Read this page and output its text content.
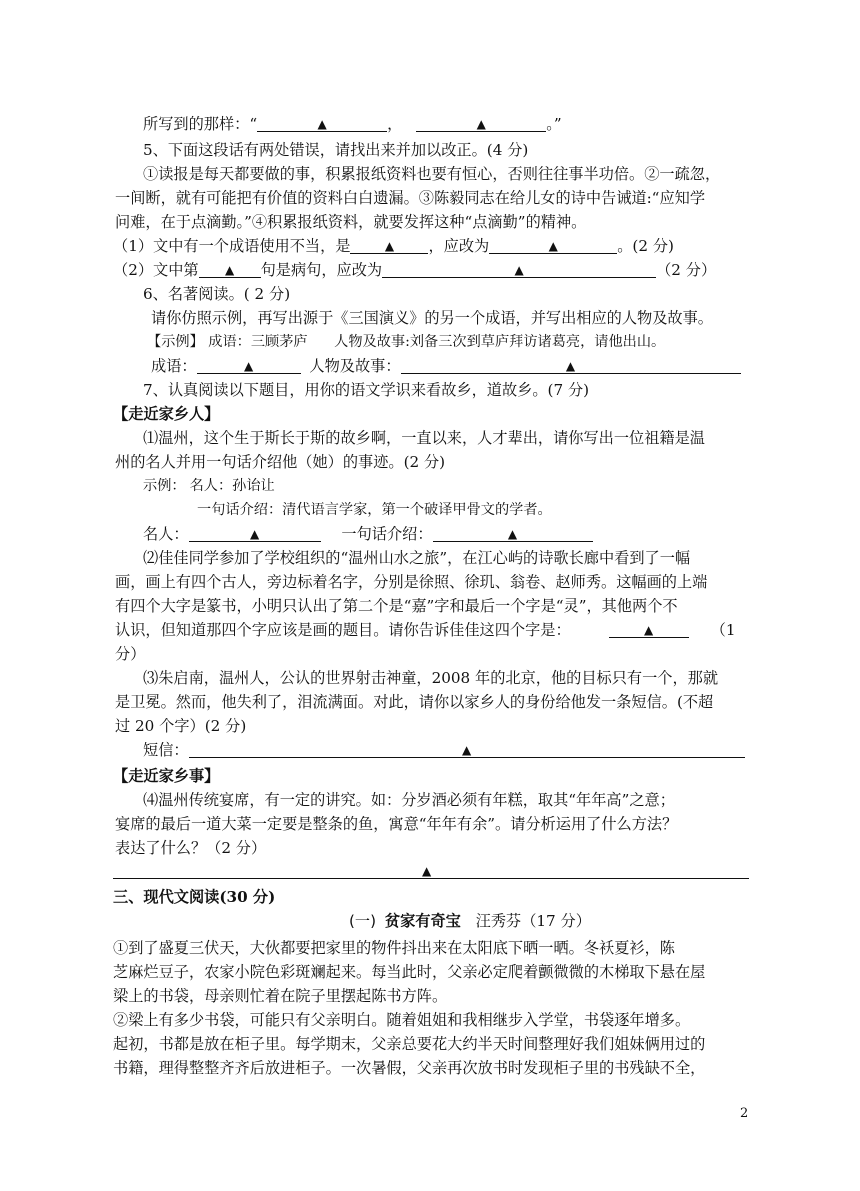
所写到的那样：“	▲	，	▲	。”
5、下面这段话有两处错误，请找出来并加以改正。(4 分)
①读报是每天都要做的事，积累报纸资料也要有恒心，否则往往事半功倍。②一疏忽，
一间断，就有可能把有价值的资料白白遗漏。③陈毅同志在给儿女的诗中告诫道:“应知学
问难，在于点滴勤。”④积累报纸资料，就要发挥这种“点滴勤”的精神。
（1）文中有一个成语使用不当，是	▲ ，应改为	▲	。(2 分)
（2）文中第 ▲ 句是病句，应改为	▲	（2 分）
6、名著阅读。( 2 分)
请你仿照示例，再写出源于《三国演义》的另一个成语，并写出相应的人物及故事。
【示例】 成语：三顾茅庐 人物及故事:刘备三次到草庐拜访诸葛亮，请他出山。
成语：	▲	人物及故事：	▲
7、认真阅读以下题目，用你的语文学识来看故乡，道故乡。(7 分)
【走近家乡人】
⑴温州，这个生于斯长于斯的故乡啊，一直以来，人才辈出，请你写出一位祖籍是温
州的名人并用一句话介绍他（她）的事迹。(2 分)
示例： 名人：孙诒让
一句话介绍：清代语言学家，第一个破译甲骨文的学者。
名人：	▲	一句话介绍：	▲
⑵佳佳同学参加了学校组织的“温州山水之旅”，在江心屿的诗歌长廊中看到了一幅
画，画上有四个古人，旁边标着名字，分别是徐照、徐玑、翁卷、赵师秀。这幅画的上端
有四个大字是篆书，小明只认出了第二个是“嘉”字和最后一个字是“灵”，其他两个不
认识，但知道那四个字应该是画的题目。请你告诉佳佳这四个字是：	▲	（1
分）
⑶朱启南，温州人，公认的世界射击神童，2008 年的北京，他的目标只有一个，那就
是卫冕。然而，他失利了，泪流满面。对此，请你以家乡人的身份给他发一条短信。(不超
过 20 个字）(2 分)
短信：	▲
【走近家乡事】
⑷温州传统宴席，有一定的讲究。如：分岁酒必须有年糕，取其“年年高”之意；
宴席的最后一道大菜一定要是整条的鱼，寓意“年年有余”。请分析运用了什么方法？
表达了什么？（2 分）
▲
三、现代文阅读(30 分)
(一) 贫家有奇宝 汪秀芬（17 分）
①到了盛夏三伏天，大伙都要把家里的物件抖出来在太阳底下晒一晒。冬袄夏衫，陈
芝麻烂豆子，农家小院色彩斑斓起来。每当此时，父亲必定爬着颤微微的木梯取下悬在屋
梁上的书袋，母亲则忙着在院子里摆起陈书方阵。
②梁上有多少书袋，可能只有父亲明白。随着姐姐和我相继步入学堂，书袋逐年增多。
起初，书都是放在柜子里。每学期末，父亲总要花大约半天时间整理好我们姐妹俩用过的
书籍，理得整整齐齐后放进柜子。一次暑假，父亲再次放书时发现柜子里的书残缺不全，
2
